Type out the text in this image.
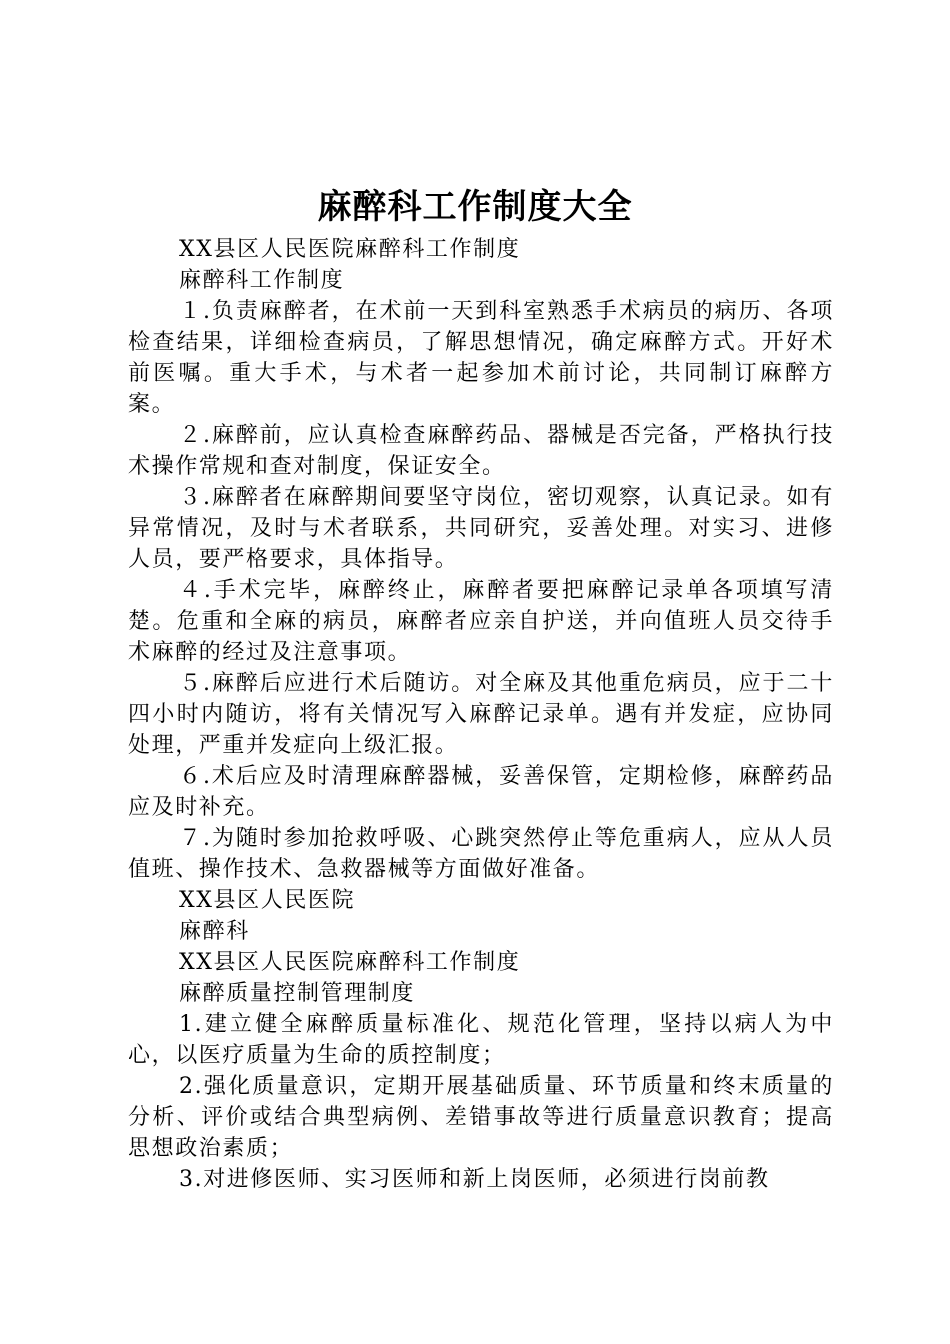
麻醉科工作制度大全

XX县区人民医院麻醉科工作制度

麻醉科工作制度

１.负责麻醉者，在术前一天到科室熟悉手术病员的病历、各项检查结果，详细检查病员，了解思想情况，确定麻醉方式。开好术前医嘱。重大手术，与术者一起参加术前讨论，共同制订麻醉方案。

２.麻醉前，应认真检查麻醉药品、器械是否完备，严格执行技术操作常规和查对制度，保证安全。

３.麻醉者在麻醉期间要坚守岗位，密切观察，认真记录。如有异常情况，及时与术者联系，共同研究，妥善处理。对实习、进修人员，要严格要求，具体指导。

４.手术完毕，麻醉终止，麻醉者要把麻醉记录单各项填写清楚。危重和全麻的病员，麻醉者应亲自护送，并向值班人员交待手术麻醉的经过及注意事项。

５.麻醉后应进行术后随访。对全麻及其他重危病员，应于二十四小时内随访，将有关情况写入麻醉记录单。遇有并发症，应协同处理，严重并发症向上级汇报。

６.术后应及时清理麻醉器械，妥善保管，定期检修，麻醉药品应及时补充。

７.为随时参加抢救呼吸、心跳突然停止等危重病人，应从人员值班、操作技术、急救器械等方面做好准备。

XX县区人民医院

麻醉科

XX县区人民医院麻醉科工作制度

麻醉质量控制管理制度

1.建立健全麻醉质量标准化、规范化管理，坚持以病人为中心，以医疗质量为生命的质控制度；

2.强化质量意识，定期开展基础质量、环节质量和终末质量的分析、评价或结合典型病例、差错事故等进行质量意识教育；提高思想政治素质；

3.对进修医师、实习医师和新上岗医师，必须进行岗前教
